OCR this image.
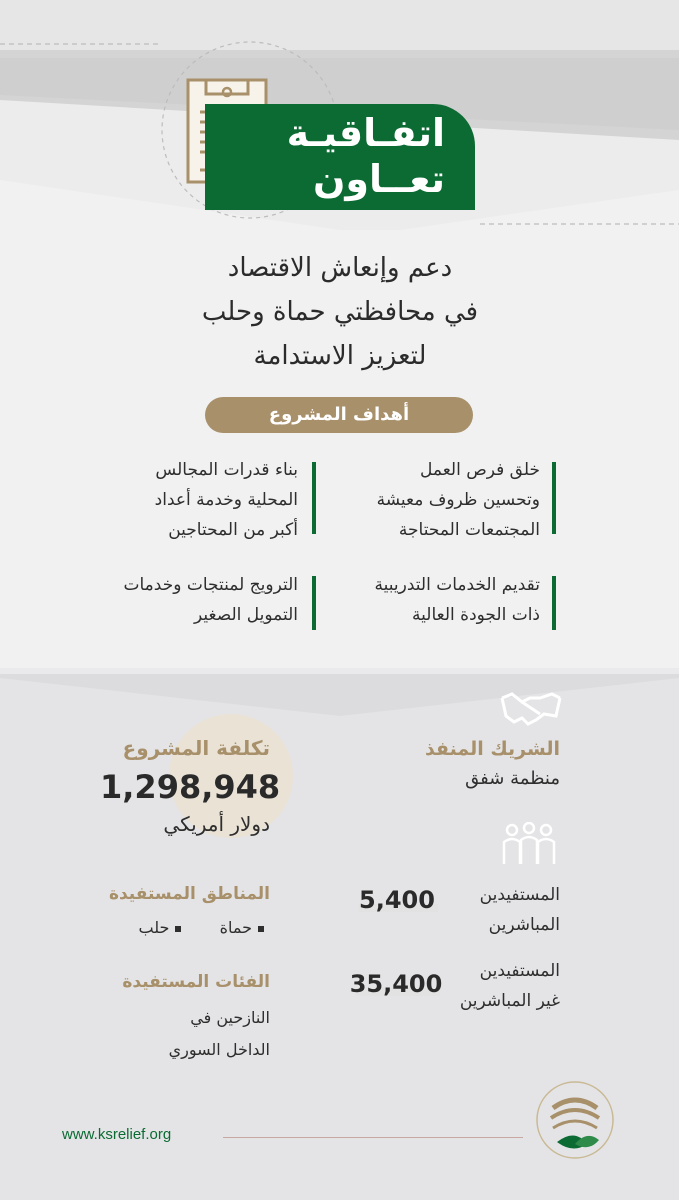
اتفـاقيـة
تعــاون
دعم وإنعاش الاقتصاد
في محافظتي حماة وحلب
لتعزيز الاستدامة
أهداف المشروع
خلق فرص العمل
وتحسين ظروف معيشة
المجتمعات المحتاجة
بناء قدرات المجالس
المحلية وخدمة أعداد
أكبر من المحتاجين
تقديم الخدمات التدريبية
ذات الجودة العالية
الترويج لمنتجات وخدمات
التمويل الصغير
الشريك المنفذ
منظمة شفق
تكلفة المشروع
1,298,948
دولار أمريكي
المستفيدين
المباشرين
5,400
المستفيدين
غير المباشرين
35,400
المناطق المستفيدة
حماة  حلب
الفئات المستفيدة
النازحين في
الداخل السوري
www.ksrelief.org
